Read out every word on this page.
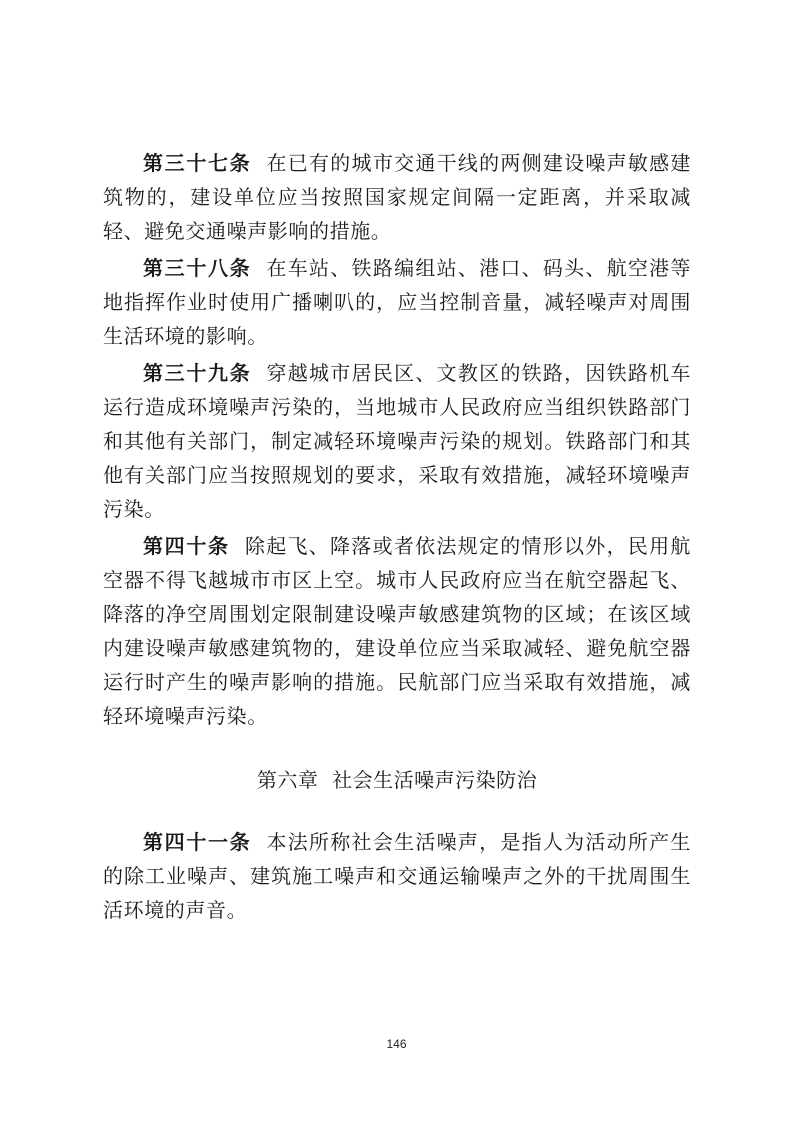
第三十七条 在已有的城市交通干线的两侧建设噪声敏感建筑物的，建设单位应当按照国家规定间隔一定距离，并采取减轻、避免交通噪声影响的措施。

第三十八条 在车站、铁路编组站、港口、码头、航空港等地指挥作业时使用广播喇叭的，应当控制音量，减轻噪声对周围生活环境的影响。

第三十九条 穿越城市居民区、文教区的铁路，因铁路机车运行造成环境噪声污染的，当地城市人民政府应当组织铁路部门和其他有关部门，制定减轻环境噪声污染的规划。铁路部门和其他有关部门应当按照规划的要求，采取有效措施，减轻环境噪声污染。

第四十条 除起飞、降落或者依法规定的情形以外，民用航空器不得飞越城市市区上空。城市人民政府应当在航空器起飞、降落的净空周围划定限制建设噪声敏感建筑物的区域；在该区域内建设噪声敏感建筑物的，建设单位应当采取减轻、避免航空器运行时产生的噪声影响的措施。民航部门应当采取有效措施，减轻环境噪声污染。

第六章  社会生活噪声污染防治

第四十一条 本法所称社会生活噪声，是指人为活动所产生的除工业噪声、建筑施工噪声和交通运输噪声之外的干扰周围生活环境的声音。

146
